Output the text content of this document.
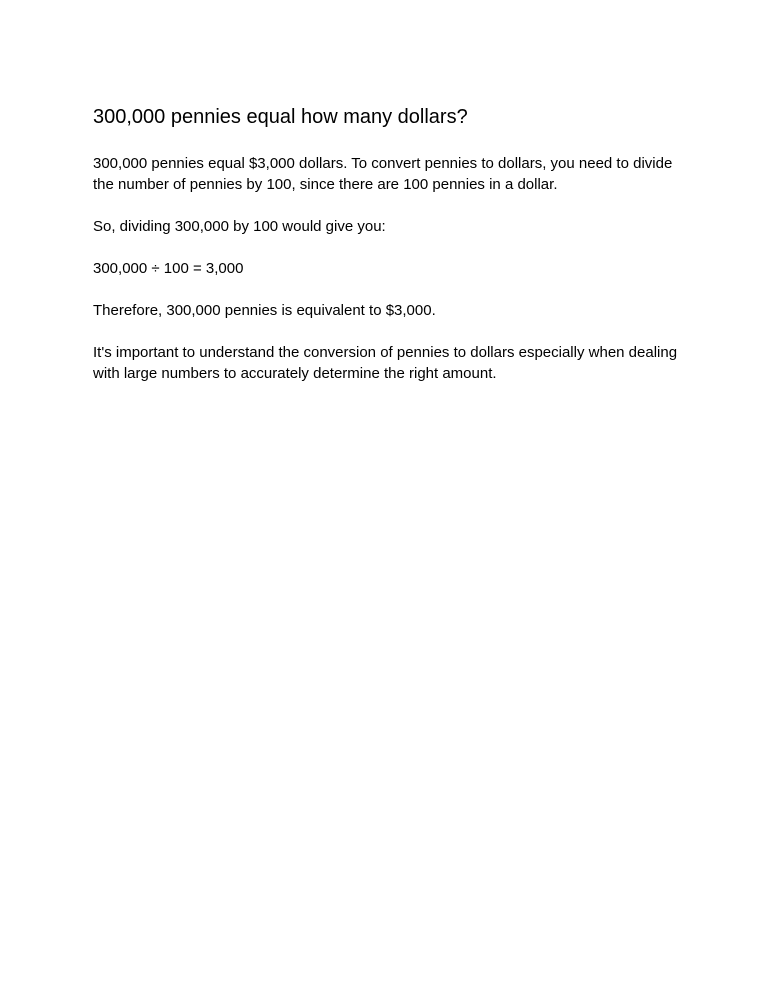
300,000 pennies equal how many dollars?

300,000 pennies equal $3,000 dollars. To convert pennies to dollars, you need to divide the number of pennies by 100, since there are 100 pennies in a dollar.

So, dividing 300,000 by 100 would give you:

300,000 ÷ 100 = 3,000

Therefore, 300,000 pennies is equivalent to $3,000.

It's important to understand the conversion of pennies to dollars especially when dealing with large numbers to accurately determine the right amount.
